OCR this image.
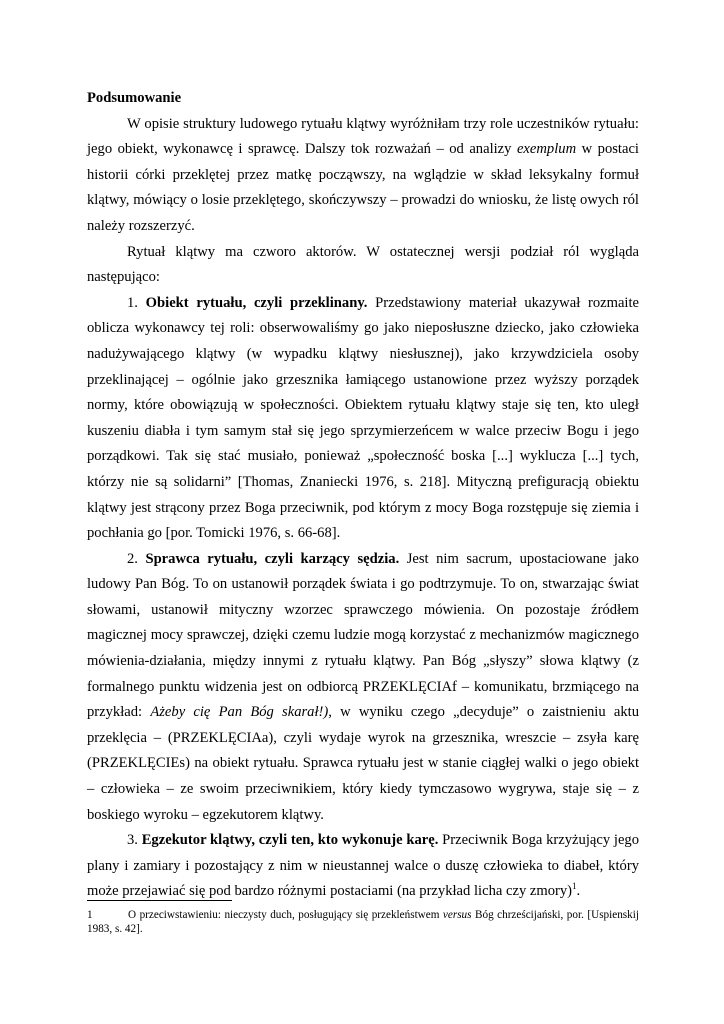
Podsumowanie

W opisie struktury ludowego rytuału klątwy wyróżniłam trzy role uczestników rytuału: jego obiekt, wykonawcę i sprawcę. Dalszy tok rozważań – od analizy exemplum w postaci historii córki przeklętej przez matkę począwszy, na wglądzie w skład leksykalny formuł klątwy, mówiący o losie przeklętego, skończywszy – prowadzi do wniosku, że listę owych ról należy rozszerzyć.

Rytuał klątwy ma czworo aktorów. W ostatecznej wersji podział ról wygląda następująco:

1. Obiekt rytuału, czyli przeklinany. Przedstawiony materiał ukazywał rozmaite oblicza wykonawcy tej roli: obserwowaliśmy go jako nieposłuszne dziecko, jako człowieka nadużywającego klątwy (w wypadku klątwy niesłusznej), jako krzywdziciela osoby przeklinającej – ogólnie jako grzesznika łamiącego ustanowione przez wyższy porządek normy, które obowiązują w społeczności. Obiektem rytuału klątwy staje się ten, kto uległ kuszeniu diabła i tym samym stał się jego sprzymierzeńcem w walce przeciw Bogu i jego porządkowi. Tak się stać musiało, ponieważ „społeczność boska [...] wyklucza [...] tych, którzy nie są solidarni” [Thomas, Znaniecki 1976, s. 218]. Mityczną prefiguracją obiektu klątwy jest strącony przez Boga przeciwnik, pod którym z mocy Boga rozstępuje się ziemia i pochłania go [por. Tomicki 1976, s. 66-68].

2. Sprawca rytuału, czyli karzący sędzia. Jest nim sacrum, upostaciowane jako ludowy Pan Bóg. To on ustanowił porządek świata i go podtrzymuje. To on, stwarzając świat słowami, ustanowił mityczny wzorzec sprawczego mówienia. On pozostaje źródłem magicznej mocy sprawczej, dzięki czemu ludzie mogą korzystać z mechanizmów magicznego mówienia-działania, między innymi z rytuału klątwy. Pan Bóg „słyszy” słowa klątwy (z formalnego punktu widzenia jest on odbiorcą PRZEKLĘCIAf – komunikatu, brzmiącego na przykład: Ażeby cię Pan Bóg skarał!), w wyniku czego „decyduje” o zaistnieniu aktu przeklęcia – (PRZEKLĘCIAa), czyli wydaje wyrok na grzesznika, wreszcie – zsyła karę (PRZEKLĘCIEs) na obiekt rytuału. Sprawca rytuału jest w stanie ciągłej walki o jego obiekt – człowieka – ze swoim przeciwnikiem, który kiedy tymczasowo wygrywa, staje się – z boskiego wyroku – egzekutorem klątwy.

3. Egzekutor klątwy, czyli ten, kto wykonuje karę. Przeciwnik Boga krzyżujący jego plany i zamiary i pozostający z nim w nieustannej walce o duszę człowieka to diabeł, który może przejawiać się pod bardzo różnymi postaciami (na przykład licha czy zmory)$^1$.

1	O przeciwstawieniu: nieczysty duch, posługujący się przekleństwem versus Bóg chrześcijański, por. [Uspienskij 1983, s. 42].
